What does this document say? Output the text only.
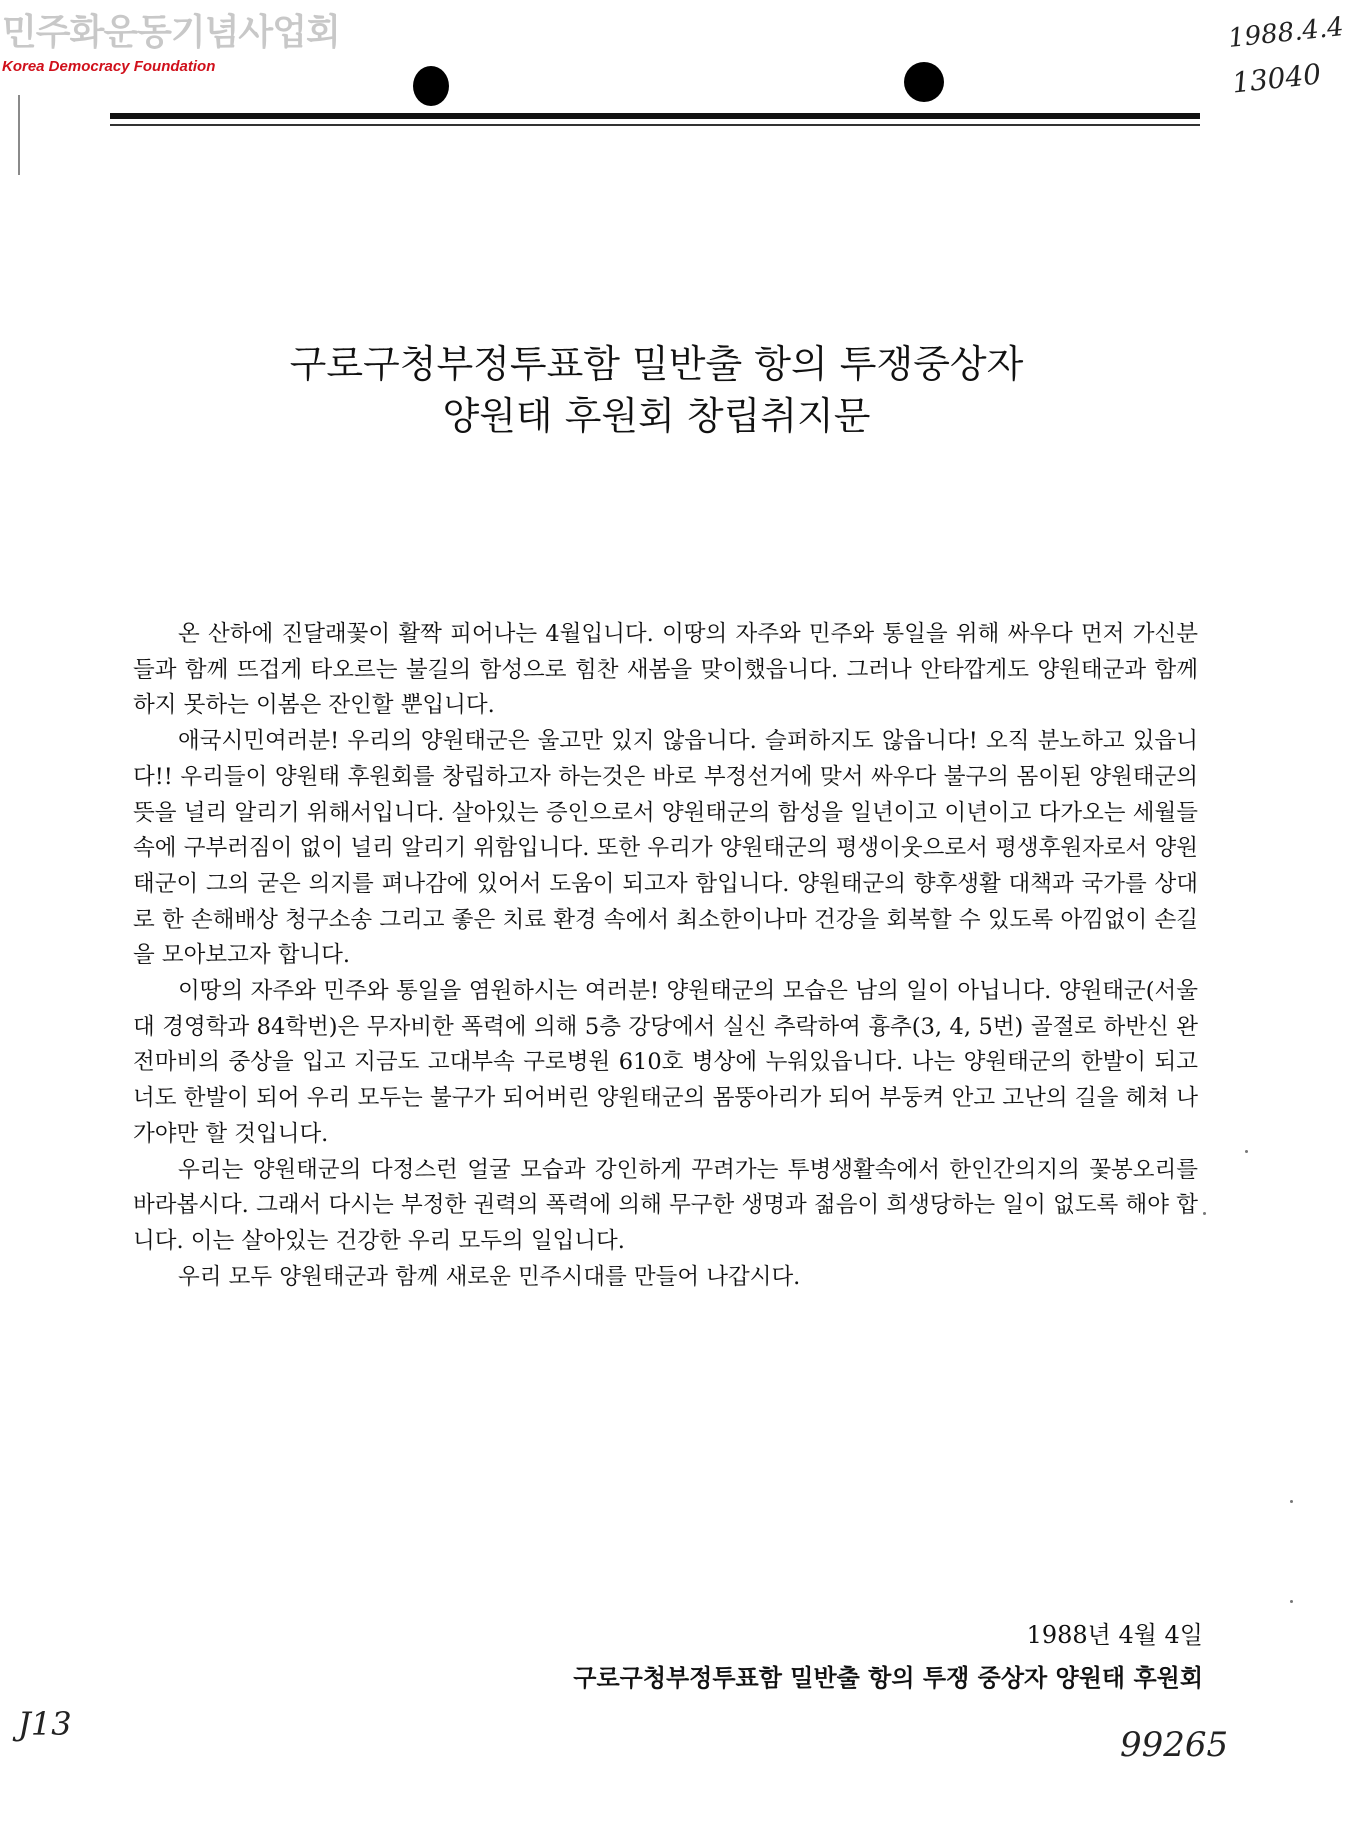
민주화운동기념사업회
Korea Democracy Foundation
1988.4.4
13040
구로구청부정투표함 밀반출 항의 투쟁중상자
양원태 후원회 창립취지문

온 산하에 진달래꽃이 활짝 피어나는 4월입니다. 이땅의 자주와 민주와 통일을 위해 싸우다 먼저 가신분들과 함께 뜨겁게 타오르는 불길의 함성으로 힘찬 새봄을 맞이했읍니다. 그러나 안타깝게도 양원태군과 함께 하지 못하는 이봄은 잔인할 뿐입니다.

애국시민여러분! 우리의 양원태군은 울고만 있지 않읍니다. 슬퍼하지도 않읍니다! 오직 분노하고 있읍니다!! 우리들이 양원태 후원회를 창립하고자 하는것은 바로 부정선거에 맞서 싸우다 불구의 몸이된 양원태군의 뜻을 널리 알리기 위해서입니다. 살아있는 증인으로서 양원태군의 함성을 일년이고 이년이고 다가오는 세월들 속에 구부러짐이 없이 널리 알리기 위함입니다. 또한 우리가 양원태군의 평생이웃으로서 평생후원자로서 양원태군이 그의 굳은 의지를 펴나감에 있어서 도움이 되고자 함입니다. 양원태군의 향후생활 대책과 국가를 상대로 한 손해배상 청구소송 그리고 좋은 치료 환경 속에서 최소한이나마 건강을 회복할 수 있도록 아낌없이 손길을 모아보고자 합니다.

이땅의 자주와 민주와 통일을 염원하시는 여러분! 양원태군의 모습은 남의 일이 아닙니다. 양원태군(서울대 경영학과 84학번)은 무자비한 폭력에 의해 5층 강당에서 실신 추락하여 흉추(3, 4, 5번) 골절로 하반신 완전마비의 중상을 입고 지금도 고대부속 구로병원 610호 병상에 누워있읍니다. 나는 양원태군의 한발이 되고 너도 한발이 되어 우리 모두는 불구가 되어버린 양원태군의 몸뚱아리가 되어 부둥켜 안고 고난의 길을 헤쳐 나가야만 할 것입니다.

우리는 양원태군의 다정스런 얼굴 모습과 강인하게 꾸려가는 투병생활속에서 한인간의지의 꽃봉오리를 바라봅시다. 그래서 다시는 부정한 권력의 폭력에 의해 무구한 생명과 젊음이 희생당하는 일이 없도록 해야 합니다. 이는 살아있는 건강한 우리 모두의 일입니다.

우리 모두 양원태군과 함께 새로운 민주시대를 만들어 나갑시다.

1988년 4월 4일
구로구청부정투표함 밀반출 항의 투쟁 중상자 양원태 후원회
J13
99265
